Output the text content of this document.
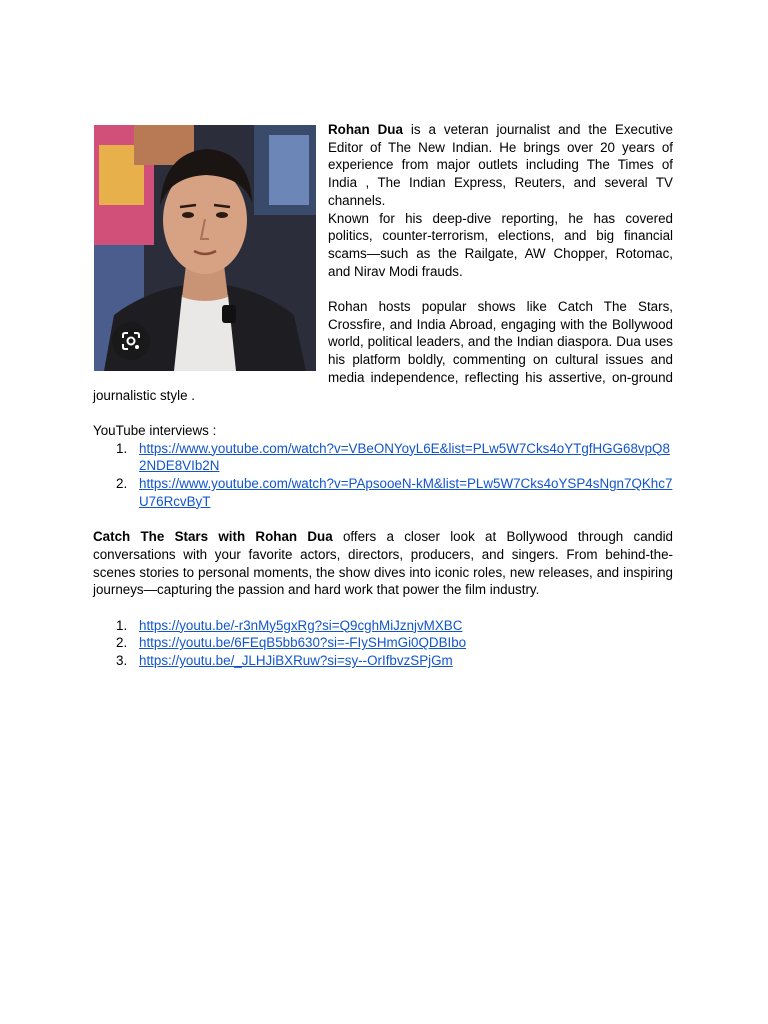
Rohan Dua is a veteran journalist and the Executive Editor of The New Indian. He brings over 20 years of experience from major outlets including The Times of India , The Indian Express, Reuters, and several TV channels.

Known for his deep-dive reporting, he has covered politics, counter-terrorism, elections, and big financial scams—such as the Railgate, AW Chopper, Rotomac, and Nirav Modi frauds.

Rohan hosts popular shows like Catch The Stars, Crossfire, and India Abroad, engaging with the Bollywood world, political leaders, and the Indian diaspora. Dua uses his platform boldly, commenting on cultural issues and media independence, reflecting his assertive, on-ground journalistic style .

YouTube interviews :

1. https://www.youtube.com/watch?v=VBeONYoyL6E&list=PLw5W7Cks4oYTgfHGG68vpQ82NDE8VIb2N
2. https://www.youtube.com/watch?v=PApsooeN-kM&list=PLw5W7Cks4oYSP4sNgn7QKhc7U76RcvByT

Catch The Stars with Rohan Dua offers a closer look at Bollywood through candid conversations with your favorite actors, directors, producers, and singers. From behind-the-scenes stories to personal moments, the show dives into iconic roles, new releases, and inspiring journeys—capturing the passion and hard work that power the film industry.

1. https://youtu.be/-r3nMy5gxRg?si=Q9cghMiJznjvMXBC
2. https://youtu.be/6FEqB5bb630?si=-FIySHmGi0QDBIbo
3. https://youtu.be/_JLHJiBXRuw?si=sy--OrIfbvzSPjGm
